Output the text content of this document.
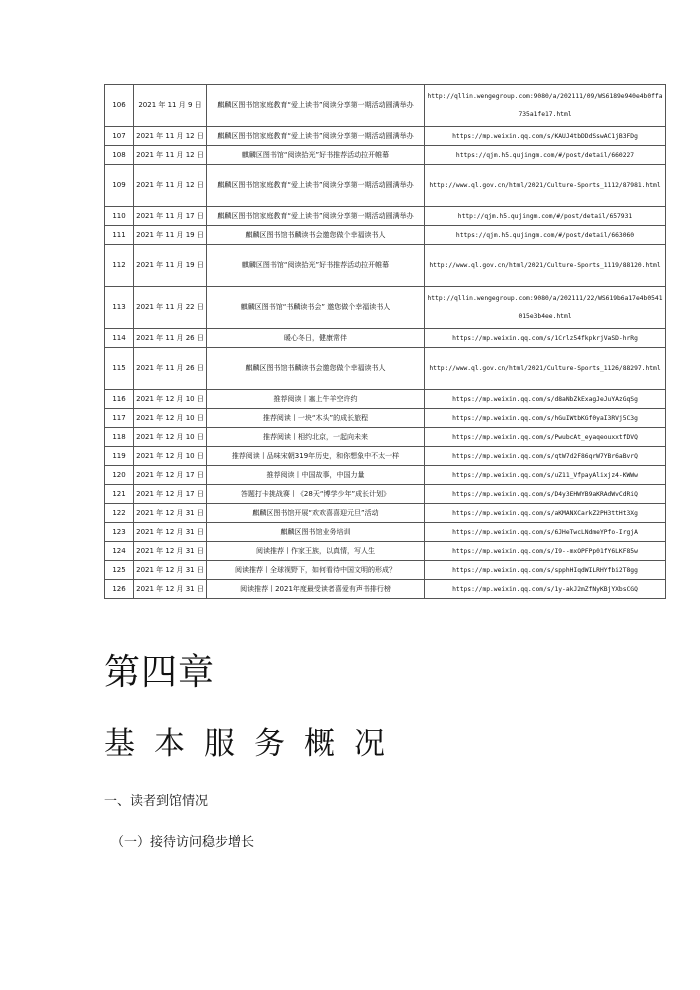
106	2021 年 11 月 9 日	麒麟区图书馆家庭教育“爱上读书”阅读分享第一期活动圆满举办	http://qllin.wengegroup.com:9080/a/202111/09/WS6189e940e4b0ffa735a1fe17.html
107	2021 年 11 月 12 日	麒麟区图书馆家庭教育“爱上读书”阅读分享第一期活动圆满举办	https://mp.weixin.qq.com/s/KAUJ4tbDDdSswAC1jB3FDg
108	2021 年 11 月 12 日	麒麟区图书馆“阅读拾光”好书推荐活动拉开帷幕	https://qjm.h5.qujingm.com/#/post/detail/660227
109	2021 年 11 月 12 日	麒麟区图书馆家庭教育“爱上读书”阅读分享第一期活动圆满举办	http://www.ql.gov.cn/html/2021/Culture-Sports_1112/87981.html
110	2021 年 11 月 17 日	麒麟区图书馆家庭教育“爱上读书”阅读分享第一期活动圆满举办	http://qjm.h5.qujingm.com/#/post/detail/657931
111	2021 年 11 月 19 日	麒麟区图书馆书麟读书会邀您做个幸福读书人	https://qjm.h5.qujingm.com/#/post/detail/663060
112	2021 年 11 月 19 日	麒麟区图书馆“阅读拾光”好书推荐活动拉开帷幕	http://www.ql.gov.cn/html/2021/Culture-Sports_1119/88120.html
113	2021 年 11 月 22 日	麒麟区图书馆“书麟读书会” 邀您做个幸福读书人	http://qllin.wengegroup.com:9080/a/202111/22/WS619b6a17e4b0541015e3b4ee.html
114	2021 年 11 月 26 日	暖心冬日，健康常伴	https://mp.weixin.qq.com/s/1Crlz54fkpkrjVaSD-hrRg
115	2021 年 11 月 26 日	麒麟区图书馆书麟读书会邀您做个幸福读书人	http://www.ql.gov.cn/html/2021/Culture-Sports_1126/88297.html
116	2021 年 12 月 10 日	推荐阅读丨塞上牛羊空许约	https://mp.weixin.qq.com/s/d8aNbZkExagJeJuYAzGqSg
117	2021 年 12 月 10 日	推荐阅读丨一块“木头”的成长旅程	https://mp.weixin.qq.com/s/hGuIWtbKGf0yaI3RVj5C3g
118	2021 年 12 月 10 日	推荐阅读丨相约北京，一起向未来	https://mp.weixin.qq.com/s/PwubcAt_eyaqeouxxtfDVQ
119	2021 年 12 月 10 日	推荐阅读丨品味宋朝319年历史，和你想象中不太一样	https://mp.weixin.qq.com/s/qtW7d2F86qrW7YBr6aBvrQ
120	2021 年 12 月 17 日	推荐阅读丨中国故事，中国力量	https://mp.weixin.qq.com/s/uZ11_VfpayAlixjz4-KWWw
121	2021 年 12 月 17 日	答题打卡挑战赛丨《28天“博学少年”成长计划》	https://mp.weixin.qq.com/s/D4y3EHWYB9aKRAdWvCdRiQ
122	2021 年 12 月 31 日	麒麟区图书馆开展“欢欢喜喜迎元旦”活动	https://mp.weixin.qq.com/s/aKMANXCarkZ2PH3ttHt3Xg
123	2021 年 12 月 31 日	麒麟区图书馆业务培训	https://mp.weixin.qq.com/s/6JHeTwcLNdmeYPfo-IrgjA
124	2021 年 12 月 31 日	阅读推荐丨作家王族，以真情，写人生	https://mp.weixin.qq.com/s/I9--mxOPFPp01fY6LKF85w
125	2021 年 12 月 31 日	阅读推荐丨全球视野下，如何看待中国文明的形成？	https://mp.weixin.qq.com/s/spphHIqdWILRHYfbi2T8gg
126	2021 年 12 月 31 日	阅读推荐丨2021年度最受读者喜爱有声书排行榜	https://mp.weixin.qq.com/s/1y-akJ2mZfNyKBjYXbsCGQ
第四章
基本服务概况
一、读者到馆情况
（一）接待访问稳步增长
